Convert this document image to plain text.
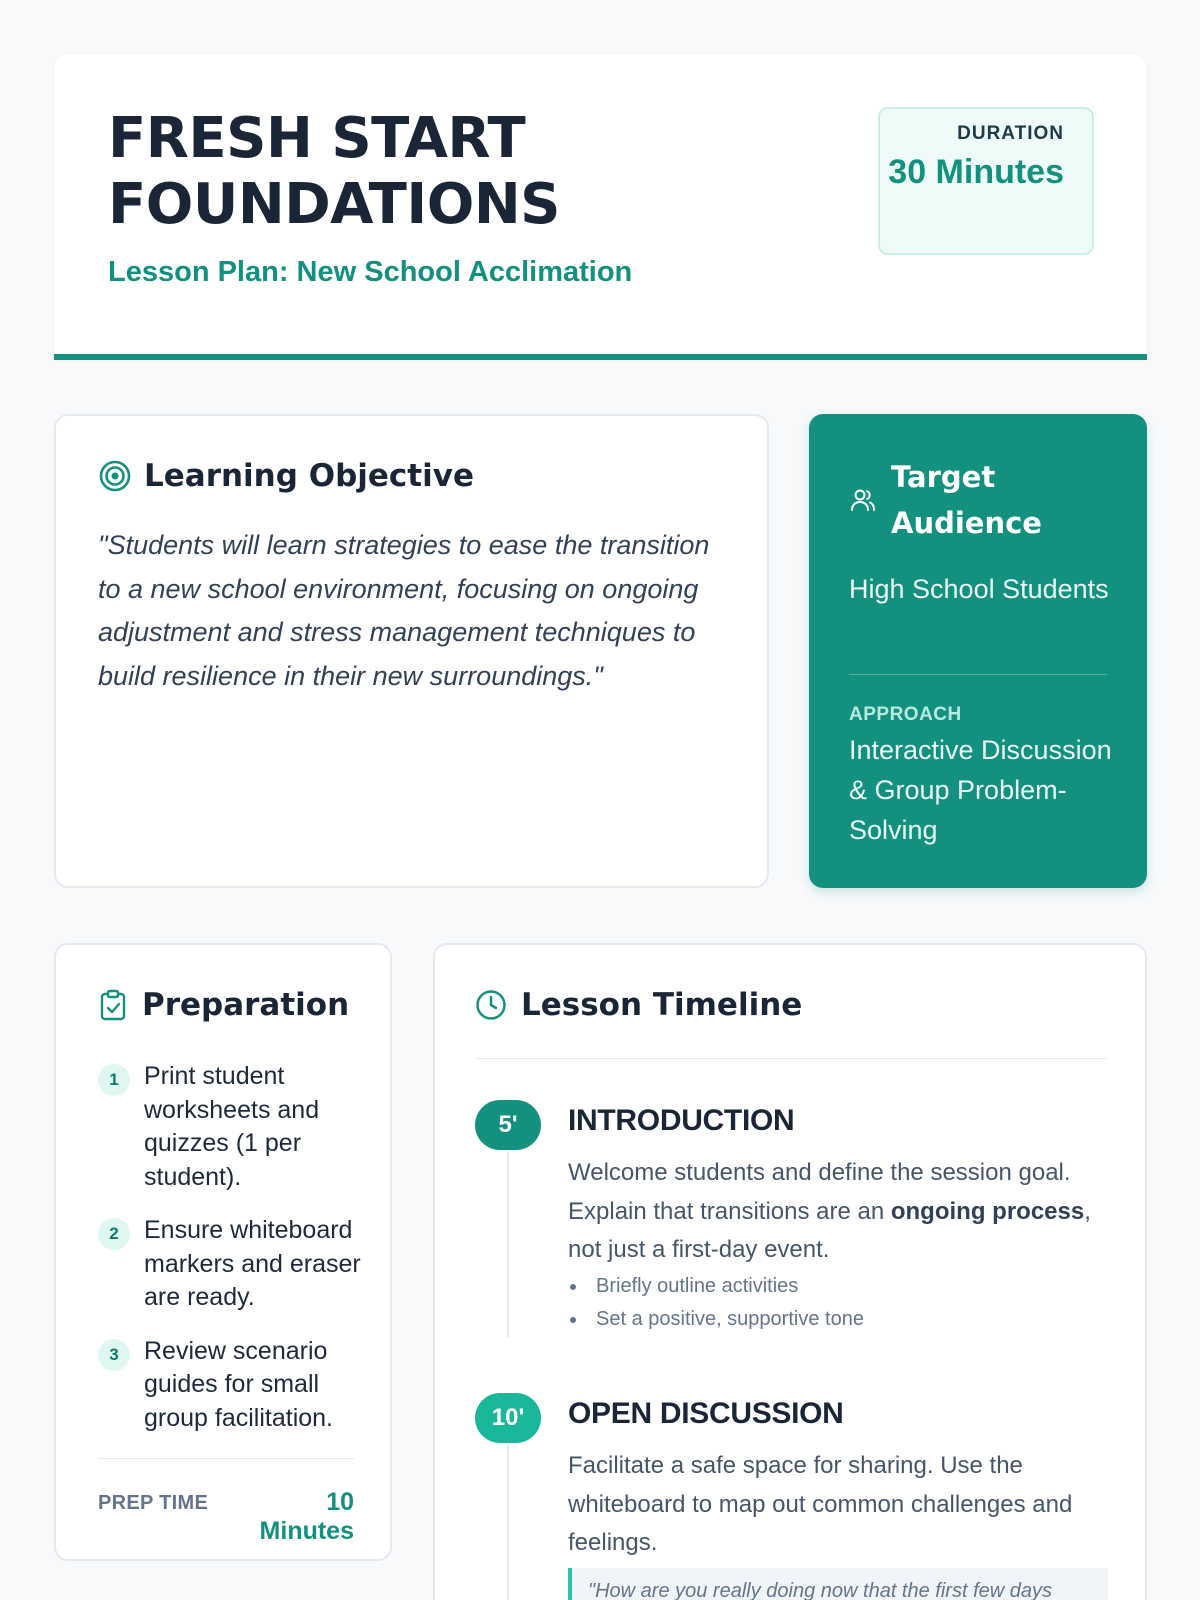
FRESH START FOUNDATIONS
Lesson Plan: New School Acclimation
DURATION
30 Minutes
Learning Objective
"Students will learn strategies to ease the transition to a new school environment, focusing on ongoing adjustment and stress management techniques to build resilience in their new surroundings."
Target Audience
High School Students
APPROACH
Interactive Discussion & Group Problem-Solving
Preparation
1	Print student worksheets and quizzes (1 per student).
2	Ensure whiteboard markers and eraser are ready.
3	Review scenario guides for small group facilitation.
PREP TIME	10 Minutes
Lesson Timeline
5'	INTRODUCTION
Welcome students and define the session goal. Explain that transitions are an ongoing process, not just a first-day event.
Briefly outline activities
Set a positive, supportive tone
10'	OPEN DISCUSSION
Facilitate a safe space for sharing. Use the whiteboard to map out common challenges and feelings.
"How are you really doing now that the first few days
